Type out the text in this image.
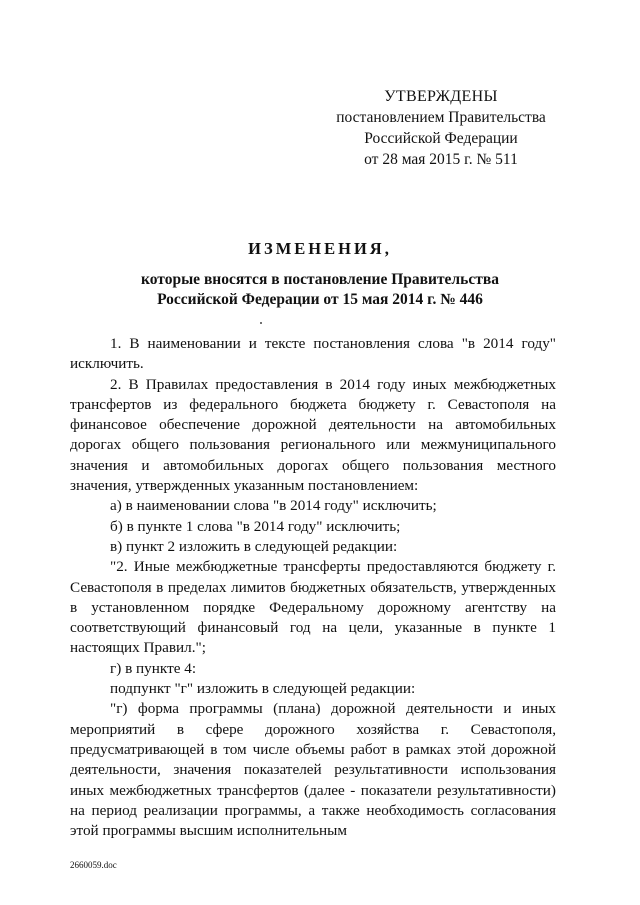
УТВЕРЖДЕНЫ
постановлением Правительства
Российской Федерации
от 28 мая 2015 г. № 511
ИЗМЕНЕНИЯ,
которые вносятся в постановление Правительства
Российской Федерации от 15 мая 2014 г. № 446

1. В наименовании и тексте постановления слова "в 2014 году" исключить.

2. В Правилах предоставления в 2014 году иных межбюджетных трансфертов из федерального бюджета бюджету г. Севастополя на финансовое обеспечение дорожной деятельности на автомобильных дорогах общего пользования регионального или межмуниципального значения и автомобильных дорогах общего пользования местного значения, утвержденных указанным постановлением:

а) в наименовании слова "в 2014 году" исключить;

б) в пункте 1 слова "в 2014 году" исключить;

в) пункт 2 изложить в следующей редакции:

"2. Иные межбюджетные трансферты предоставляются бюджету г. Севастополя в пределах лимитов бюджетных обязательств, утвержденных в установленном порядке Федеральному дорожному агентству на соответствующий финансовый год на цели, указанные в пункте 1 настоящих Правил.";

г) в пункте 4:

подпункт "г" изложить в следующей редакции:

"г) форма программы (плана) дорожной деятельности и иных мероприятий в сфере дорожного хозяйства г. Севастополя, предусматривающей в том числе объемы работ в рамках этой дорожной деятельности, значения показателей результативности использования иных межбюджетных трансфертов (далее - показатели результативности) на период реализации программы, а также необходимость согласования этой программы высшим исполнительным

2660059.doc
